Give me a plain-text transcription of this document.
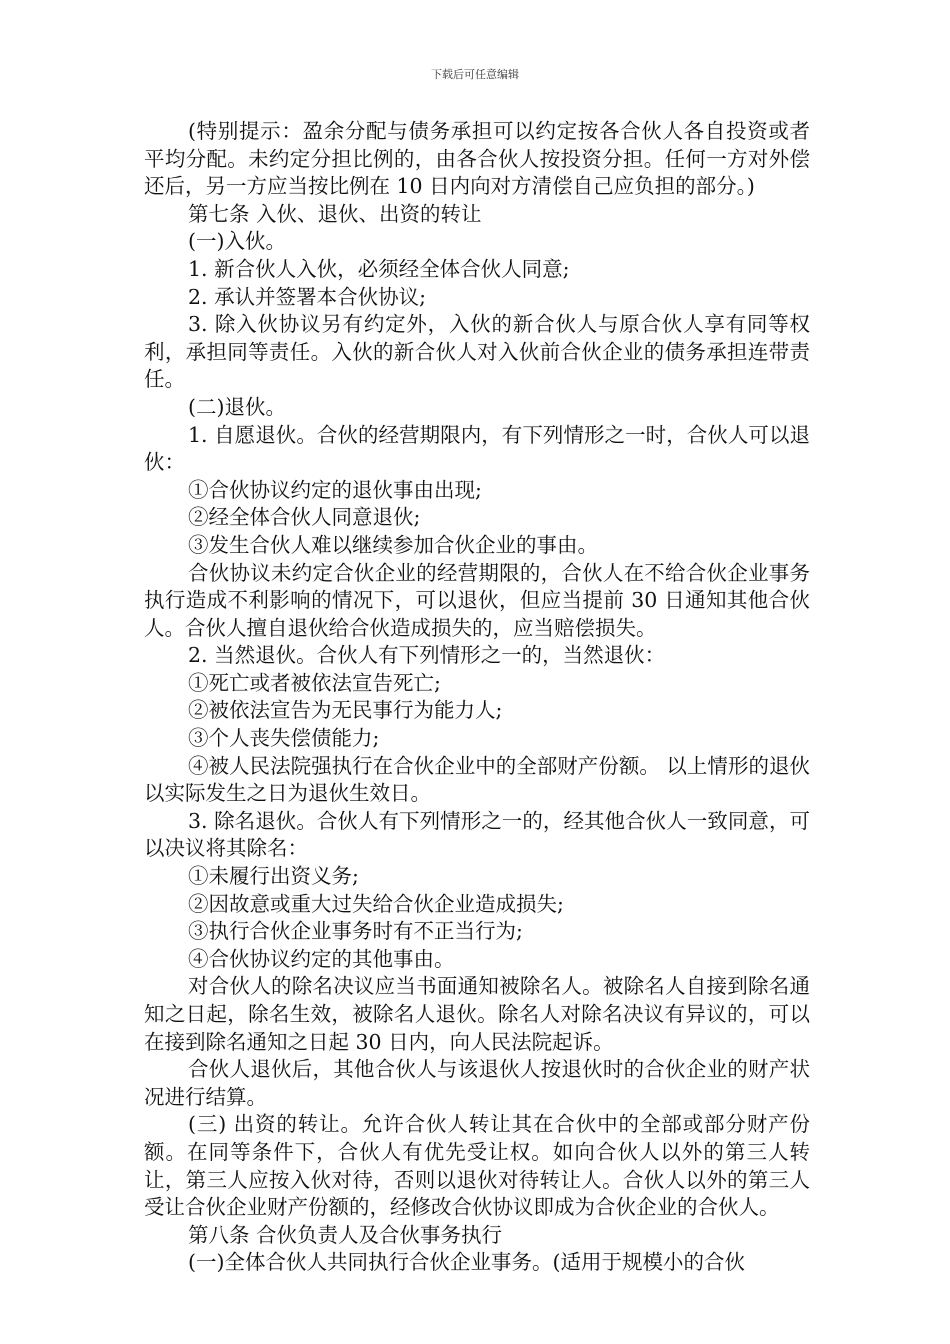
下载后可任意编辑

(特别提示：盈余分配与债务承担可以约定按各合伙人各自投资或者平均分配。未约定分担比例的，由各合伙人按投资分担。任何一方对外偿还后，另一方应当按比例在 10 日内向对方清偿自己应负担的部分。)

第七条 入伙、退伙、出资的转让

(一)入伙。

1. 新合伙人入伙，必须经全体合伙人同意;

2. 承认并签署本合伙协议;

3. 除入伙协议另有约定外，入伙的新合伙人与原合伙人享有同等权利，承担同等责任。入伙的新合伙人对入伙前合伙企业的债务承担连带责任。

(二)退伙。

1. 自愿退伙。合伙的经营期限内，有下列情形之一时，合伙人可以退伙：

①合伙协议约定的退伙事由出现;

②经全体合伙人同意退伙;

③发生合伙人难以继续参加合伙企业的事由。

合伙协议未约定合伙企业的经营期限的，合伙人在不给合伙企业事务执行造成不利影响的情况下，可以退伙，但应当提前 30 日通知其他合伙人。合伙人擅自退伙给合伙造成损失的，应当赔偿损失。

2. 当然退伙。合伙人有下列情形之一的，当然退伙：

①死亡或者被依法宣告死亡;

②被依法宣告为无民事行为能力人;

③个人丧失偿债能力;

④被人民法院强执行在合伙企业中的全部财产份额。 以上情形的退伙以实际发生之日为退伙生效日。

3. 除名退伙。合伙人有下列情形之一的，经其他合伙人一致同意，可以决议将其除名：

①未履行出资义务;

②因故意或重大过失给合伙企业造成损失;

③执行合伙企业事务时有不正当行为;

④合伙协议约定的其他事由。

对合伙人的除名决议应当书面通知被除名人。被除名人自接到除名通知之日起，除名生效，被除名人退伙。除名人对除名决议有异议的，可以在接到除名通知之日起 30 日内，向人民法院起诉。

合伙人退伙后，其他合伙人与该退伙人按退伙时的合伙企业的财产状况进行结算。

(三) 出资的转让。允许合伙人转让其在合伙中的全部或部分财产份额。在同等条件下，合伙人有优先受让权。如向合伙人以外的第三人转让，第三人应按入伙对待，否则以退伙对待转让人。合伙人以外的第三人受让合伙企业财产份额的，经修改合伙协议即成为合伙企业的合伙人。

第八条 合伙负责人及合伙事务执行

(一)全体合伙人共同执行合伙企业事务。(适用于规模小的合伙
